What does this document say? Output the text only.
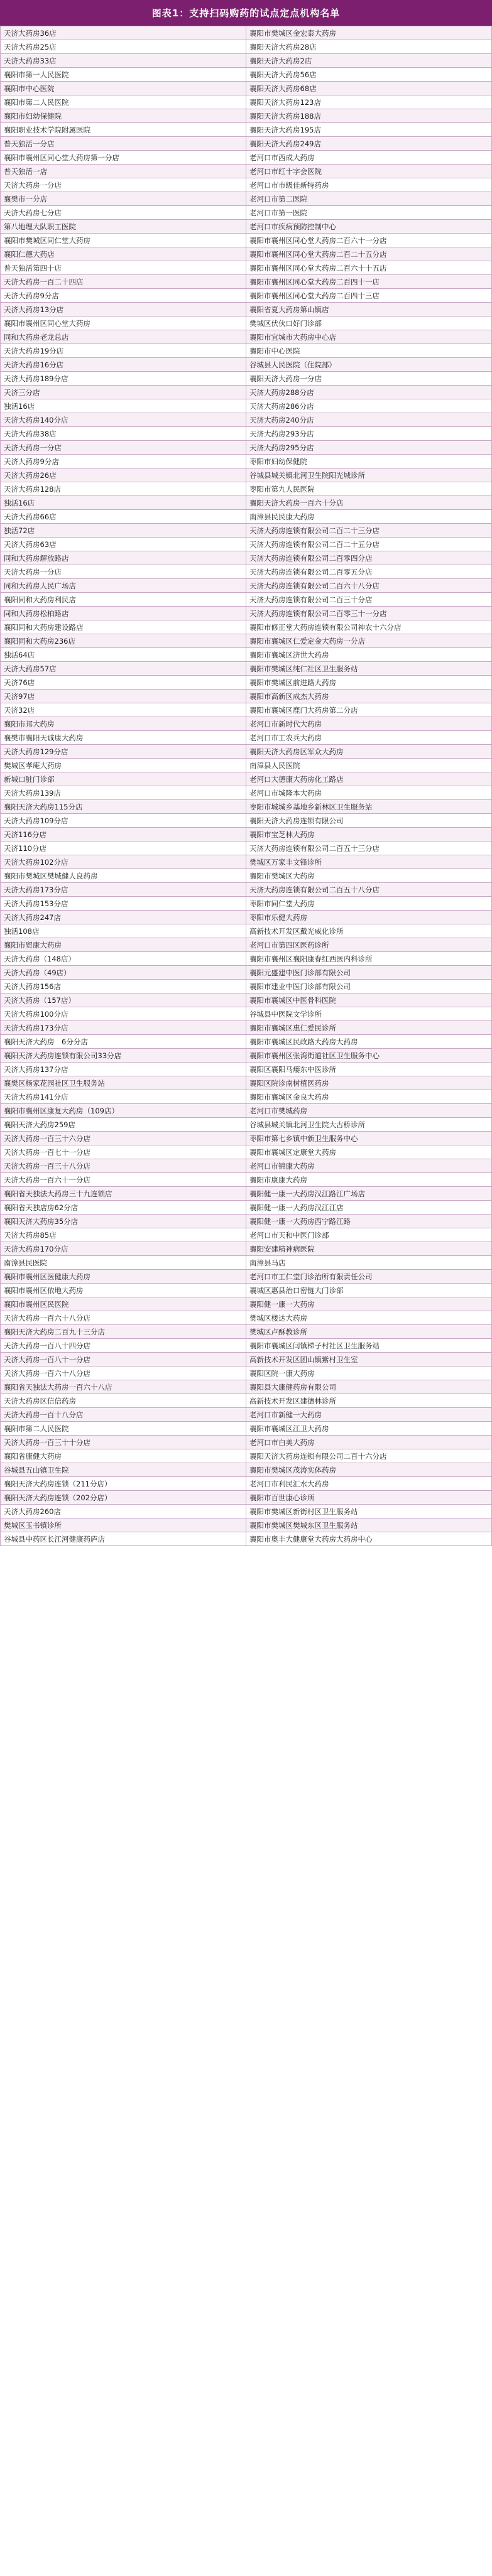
图表1：支持扫码购药的试点定点机构名单
天济大药房36店	襄阳市樊城区金宏泰大药房
天济大药房25店	襄阳天济大药房28店
天济大药房33店	襄阳天济大药房2店
襄阳市第一人民医院	襄阳天济大药房56店
襄阳市中心医院	襄阳天济大药房68店
襄阳市第二人民医院	襄阳天济大药房123店
襄阳市妇幼保健院	襄阳天济大药房188店
襄阳职业技术学院附属医院	襄阳天济大药房195店
普天独活一分店	襄阳天济大药房249店
襄阳市襄州区同心堂大药房第一分店	老河口市西成大药房
普天独活一店	老河口市红十字会医院
天济大药房一分店	老河口市市级佳新特药房
襄樊市一分店	老河口市第二医院
天济大药房七分店	老河口市第一医院
第八地理大队职工医院	老河口市疾病预防控制中心
襄阳市樊城区同仁堂大药房	襄阳市襄州区同心堂大药房二百六十一分店
襄阳仁德大药店	襄阳市襄州区同心堂大药房二百二十五分店
普天独活第四十店	襄阳市襄州区同心堂大药房二百六十十五店
天济大药房一百二十四店	襄阳市襄州区同心堂大药房二百四十一店
天济大药房9分店	襄阳市襄州区同心堂大药房二百四十三店
天济大药房13分店	襄阳省夏大药房第山镇店
襄阳市襄州区同心堂大药房	樊城区伏伙口好门诊部
同和大药房老龙总店	襄阳市宜城市大药房中心店
天济大药房19分店	襄阳市中心医院
天济大药房16分店	谷城县人民医院（住院部）
天济大药房189分店	襄阳天济大药房一分店
天济三分店	天济大药房288分店
独活16店	天济大药房286分店
天济大药房140分店	天济大药房240分店
天济大药房38店	天济大药房293分店
天济大药房一分店	天济大药房295分店
天济大药房9分店	枣阳市妇幼保健院
天济大药房26店	谷城县城关镇北河卫生院阳光城诊所
天济大药房128店	枣阳市第九人民医院
独活16店	襄阳天济大药房一百六十分店
天济大药房66店	南漳县民民康大药房
独活72店	天济大药房连锁有限公司二百二十三分店
天济大药房63店	天济大药房连锁有限公司二百二十五分店
同和大药房解放路店	天济大药房连锁有限公司二百零四分店
天济大药房一分店	天济大药房连锁有限公司二百零五分店
同和大药房人民广场店	天济大药房连锁有限公司二百六十八分店
襄阳同和大药房利民店	天济大药房连锁有限公司二百三十分店
同和大药房松柏路店	天济大药房连锁有限公司二百零三十一分店
襄阳同和大药房建设路店	襄阳市修正堂大药房连锁有限公司神农十六分店
襄阳同和大药房236店	襄阳市襄城区仁爱定金大药房一分店
独活64店	襄阳市襄城区济世大药房
天济大药房57店	襄阳市樊城区纯仁社区卫生服务站
天济76店	襄阳市樊城区前进路大药房
天济97店	襄阳市高新区成杰大药房
天济32店	襄阳市襄城区鹿门大药房第二分店
襄阳市邦大药房	老河口市新时代大药房
襄樊市襄阳天诚康大药房	老河口市工农兵大药房
天济大药房129分店	襄阳天济大药房区军众大药房
樊城区孝庵大药房	南漳县人民医院
新城口脏门诊部	老河口大德康大药房化工路店
天济大药房139店	老河口市城隆本大药房
襄阳天济大药房115分店	枣阳市城城乡基地乡新林区卫生服务站
天济大药房109分店	襄阳天济大药房连锁有限公司
天济116分店	襄阳市宝芝林大药房
天济110分店	天济大药房连锁有限公司二百五十三分店
天济大药房102分店	樊城区万家丰文锋诊所
襄阳市樊城区樊城健人良药房	襄阳市樊城区大药房
天济大药房173分店	天济大药房连锁有限公司二百五十八分店
天济大药房153分店	枣阳市同仁堂大药房
天济大药房247店	枣阳市乐健大药房
独活108店	高新技术开发区戴光威化诊所
襄阳市贸康大药房	老河口市第四区医药诊所
天济大药房（148店）	襄阳市襄州区襄阳康春红西医内科诊所
天济大药房（49店）	襄阳元盛建中医门诊部有限公司
天济大药房156店	襄阳市建业中医门诊部有限公司
天济大药房（157店）	襄阳市襄城区中医骨科医院
天济大药房100分店	谷城县中医院文学诊所
天济大药房173分店	襄阳市襄城区惠仁爱民诊所
襄阳天济大药房　6分分店	襄阳市襄城区民政路大药房大药房
襄阳天济大药房连锁有限公司33分店	襄阳市襄州区张湾街道社区卫生服务中心
天济大药房137分店	襄阳区襄阳马瘘东中医诊所
襄樊区杨家花园社区卫生服务站	襄阳区院诊南树植医药房
天济大药房141分店	襄阳市襄城区金良大药房
襄阳市襄州区康复大药房（109店）	老河口市樊城药房
襄阳天济大药房259店	谷城县城关镇北河卫生院大古桥诊所
天济大药房一百三十六分店	枣阳市第七乡镇中新卫生服务中心
天济大药房一百七十一分店	襄阳市襄城区定康堂大药房
天济大药房一百三十八分店	老河口市锦康大药房
天济大药房一百六十一分店	襄阳市康康大药房
襄阳省天独法大药房三十九连锁店	襄阳健一康一大药房汉江路江广场店
襄阳省天独店房62分店	襄阳健一康一大药房汉江江店
襄阳天济大药房35分店	襄阳健一康一大药房西宁路江路
天济大药房85店	老河口市天和中医门诊部
天济大药房170分店	襄阳安建精神病医院
南漳县民医院	南漳县马店
襄阳市襄州区医健康大药房	老河口市工仁堂门诊治所有限责任公司
襄阳市襄州区依地大药房	襄城区惠县治口密链大门诊部
襄阳市襄州区民医院	襄阳健一康一大药房
天济大药房一百六十八分店	樊城区楼达大药房
襄阳天济大药房二百九十三分店	樊城区卢酥教诊所
天济大药房一百八十四分店	襄阳市襄城区闫镇梯子村社区卫生服务站
天济大药房一百八十一分店	高新技术开发区团山镇紫村卫生室
天济大药房一百六十八分店	襄阳区院一康大药房
襄阳省天独法大药房一百六十八店	襄阳县大康健药房有限公司
天济大药房区信信药房	高新技术开发区建德林诊所
天济大药房一百十八分店	老河口市新健一大药房
襄阳市第二人民医院	襄阳市襄城区江卫大药房
天济大药房一百三十十分店	老河口市白美大药房
襄阳省康健大药房	襄阳天济大药房连锁有限公司二百十六分店
谷城县五山镇卫生院	襄阳市樊城区茂涛实体药房
襄阳天济大药房连锁（211分店）	老河口市利民汇水大药房
襄阳天济大药房连锁（202分店）	襄阳市百世康心诊所
天济大药房260店	襄阳市樊城区新街村区卫生服务站
樊城区玉书镇诊所	襄阳市樊城区樊城东区卫生服务站
谷城县中药区长江河健康药庐店	襄阳市奥丰大健康堂大药房大药房中心
